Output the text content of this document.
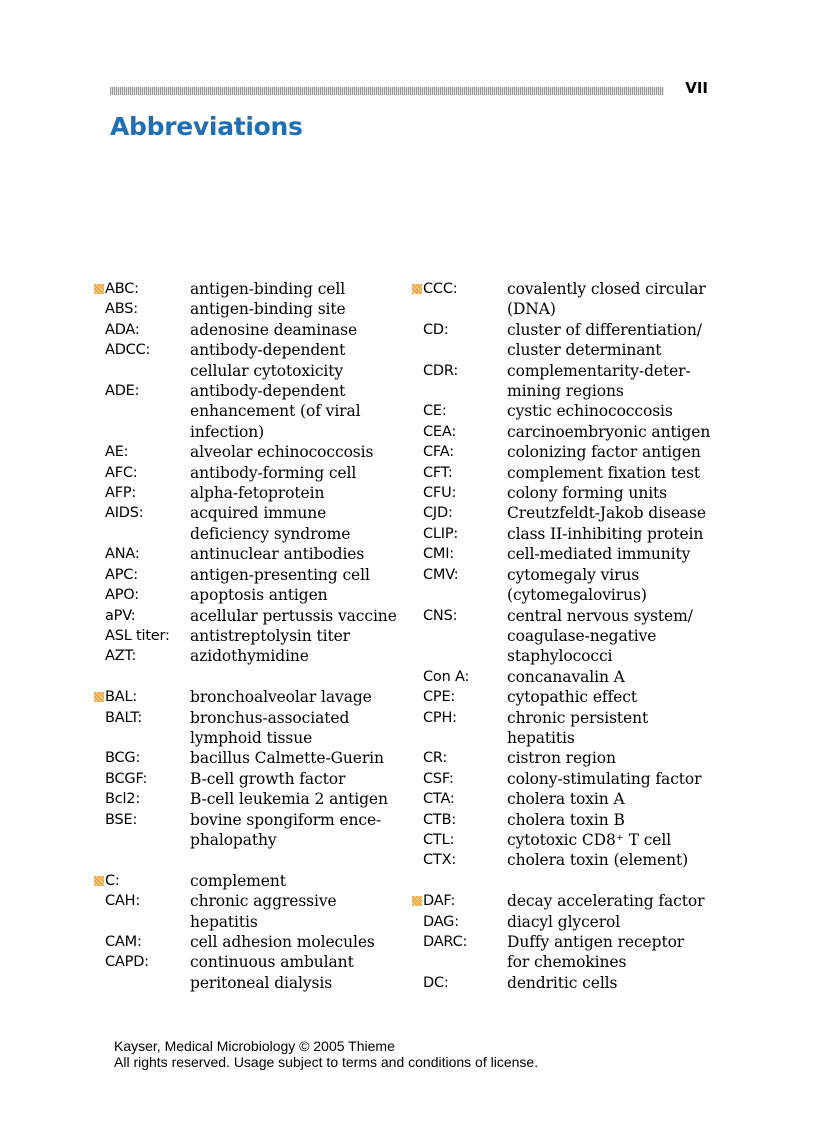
VII
Abbreviations
ABC:	antigen-binding cell
ABS:	antigen-binding site
ADA:	adenosine deaminase
ADCC:	antibody-dependent
cellular cytotoxicity
ADE:	antibody-dependent
enhancement (of viral
infection)
AE:	alveolar echinococcosis
AFC:	antibody-forming cell
AFP:	alpha-fetoprotein
AIDS:	acquired immune
deficiency syndrome
ANA:	antinuclear antibodies
APC:	antigen-presenting cell
APO:	apoptosis antigen
aPV:	acellular pertussis vaccine
ASL titer:	antistreptolysin titer
AZT:	azidothymidine
BAL:	bronchoalveolar lavage
BALT:	bronchus-associated
lymphoid tissue
BCG:	bacillus Calmette-Guerin
BCGF:	B-cell growth factor
Bcl2:	B-cell leukemia 2 antigen
BSE:	bovine spongiform ence-
phalopathy
C:	complement
CAH:	chronic aggressive
hepatitis
CAM:	cell adhesion molecules
CAPD:	continuous ambulant
peritoneal dialysis
CCC:	covalently closed circular
(DNA)
CD:	cluster of differentiation/
cluster determinant
CDR:	complementarity-deter-
mining regions
CE:	cystic echinococcosis
CEA:	carcinoembryonic antigen
CFA:	colonizing factor antigen
CFT:	complement fixation test
CFU:	colony forming units
CJD:	Creutzfeldt-Jakob disease
CLIP:	class II-inhibiting protein
CMI:	cell-mediated immunity
CMV:	cytomegaly virus
(cytomegalovirus)
CNS:	central nervous system/
coagulase-negative
staphylococci
Con A:	concanavalin A
CPE:	cytopathic effect
CPH:	chronic persistent
hepatitis
CR:	cistron region
CSF:	colony-stimulating factor
CTA:	cholera toxin A
CTB:	cholera toxin B
CTL:	cytotoxic CD8⁺ T cell
CTX:	cholera toxin (element)
DAF:	decay accelerating factor
DAG:	diacyl glycerol
DARC:	Duffy antigen receptor
for chemokines
DC:	dendritic cells
Kayser, Medical Microbiology © 2005 Thieme
All rights reserved. Usage subject to terms and conditions of license.
